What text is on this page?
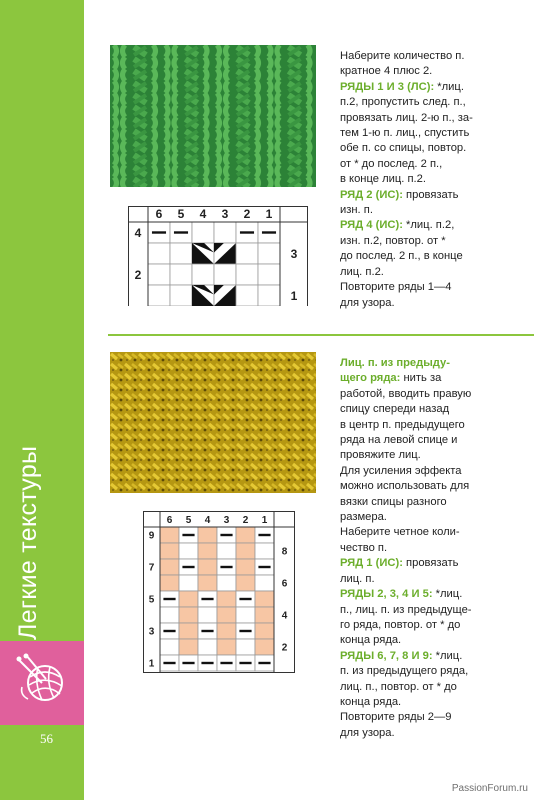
Легкие текстуры
56
6 5 4 3 2 1
4
3
2
1

Наберите количество п.

кратное 4 плюс 2.

РЯДЫ 1 И 3 (ЛС): *лиц.

п.2, пропустить след. п.,

провязать лиц. 2-ю п., за-

тем 1-ю п. лиц., спустить

обе п. со спицы, повтор.

от * до послед. 2 п.,

в конце лиц. п.2.

РЯД 2 (ИС): провязать

изн. п.

РЯД 4 (ИС): *лиц. п.2,

изн. п.2, повтор. от *

до послед. 2 п., в конце

лиц. п.2.

Повторите ряды 1—4

для узора.

6 5 4 3 2 1
9
8
7
6
5
4
3
2
1

Лиц. п. из предыду-

щего ряда: нить за

работой, вводить правую

спицу спереди назад

в центр п. предыдущего

ряда на левой спице и

провяжите лиц.

Для усиления эффекта

можно использовать для

вязки спицы разного

размера.

Наберите четное коли-

чество п.

РЯД 1 (ИС): провязать

лиц. п.

РЯДЫ 2, 3, 4 И 5: *лиц.

п., лиц. п. из предыдуще-

го ряда, повтор. от * до

конца ряда.

РЯДЫ 6, 7, 8 И 9: *лиц.

п. из предыдущего ряда,

лиц. п., повтор. от * до

конца ряда.

Повторите ряды 2—9

для узора.

PassionForum.ru
